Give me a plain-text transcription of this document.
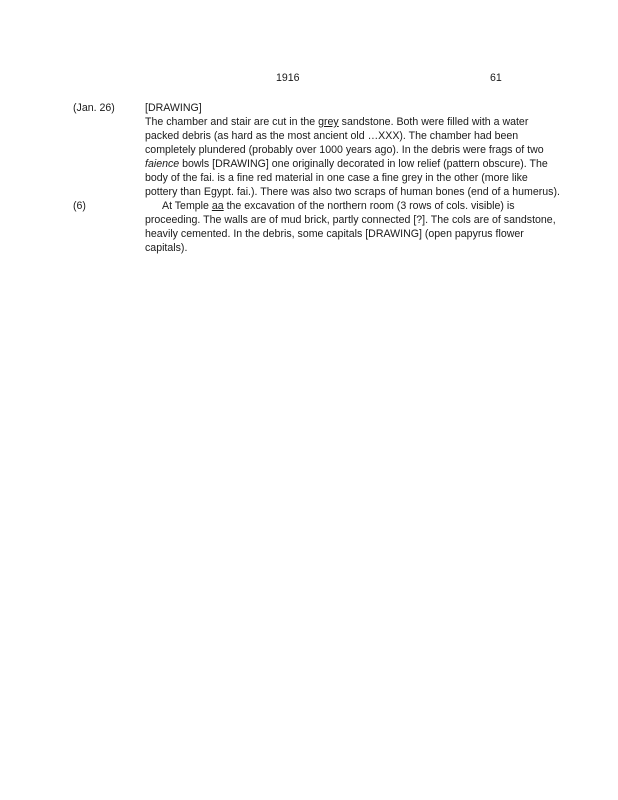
1916	61
(Jan. 26)
(6)
[DRAWING]
The chamber and stair are cut in the grey sandstone. Both were filled with a water
packed debris (as hard as the most ancient old …XXX). The chamber had been
completely plundered (probably over 1000 years ago). In the debris were frags of two
faience bowls [DRAWING] one originally decorated in low relief (pattern obscure). The
body of the fai. is a fine red material in one case a fine grey in the other (more like
pottery than Egypt. fai.). There was also two scraps of human bones (end of a humerus).
At Temple aa the excavation of the northern room (3 rows of cols. visible) is
proceeding. The walls are of mud brick, partly connected [?]. The cols are of sandstone,
heavily cemented. In the debris, some capitals [DRAWING] (open papyrus flower
capitals).
